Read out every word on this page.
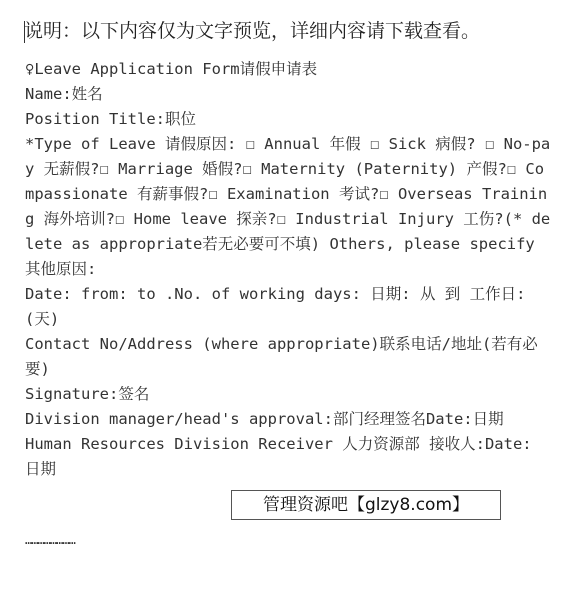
说明：以下内容仅为文字预览，详细内容请下载查看。

♀Leave Application Form请假申请表

Name:姓名

Position Title:职位

*Type of Leave 请假原因: ☐ Annual 年假 ☐ Sick 病假? ☐ No-pay 无薪假?☐ Marriage 婚假?☐ Maternity (Paternity) 产假?☐ Compassionate 有薪事假?☐ Examination 考试?☐ Overseas Training 海外培训?☐ Home leave 探亲?☐ Industrial Injury 工伤?(* delete as appropriate若无必要可不填) Others, please specify 其他原因:

Date: from: to .No. of working days: 日期: 从 到 工作日: (天)

Contact No/Address (where appropriate)联系电话/地址(若有必要)

Signature:签名

Division manager/head's approval:部门经理签名Date:日期

Human Resources Division Receiver 人力资源部 接收人:Date: 日期

……………………
管理资源吧【glzy8.com】
